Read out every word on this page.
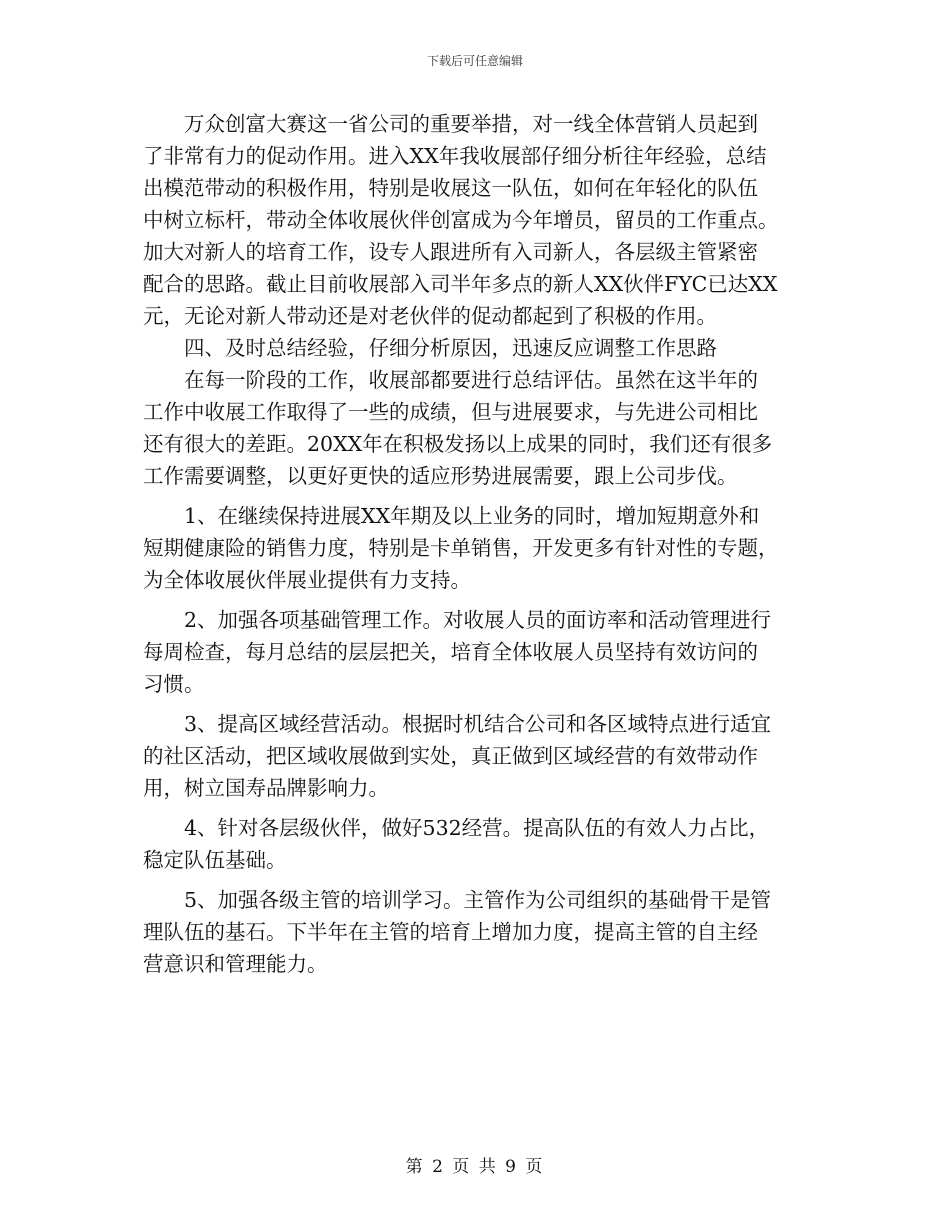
下载后可任意编辑
　　万众创富大赛这一省公司的重要举措，对一线全体营销人员起到
了非常有力的促动作用。进入XX年我收展部仔细分析往年经验，总结
出模范带动的积极作用，特别是收展这一队伍，如何在年轻化的队伍
中树立标杆，带动全体收展伙伴创富成为今年增员，留员的工作重点。
加大对新人的培育工作，设专人跟进所有入司新人，各层级主管紧密
配合的思路。截止目前收展部入司半年多点的新人XX伙伴FYC已达XX
元，无论对新人带动还是对老伙伴的促动都起到了积极的作用。
　　四、及时总结经验，仔细分析原因，迅速反应调整工作思路
　　在每一阶段的工作，收展部都要进行总结评估。虽然在这半年的
工作中收展工作取得了一些的成绩，但与进展要求，与先进公司相比
还有很大的差距。20XX年在积极发扬以上成果的同时，我们还有很多
工作需要调整，以更好更快的适应形势进展需要，跟上公司步伐。
　　1、在继续保持进展XX年期及以上业务的同时，增加短期意外和
短期健康险的销售力度，特别是卡单销售，开发更多有针对性的专题，
为全体收展伙伴展业提供有力支持。
　　2、加强各项基础管理工作。对收展人员的面访率和活动管理进行
每周检查，每月总结的层层把关，培育全体收展人员坚持有效访问的
习惯。
　　3、提高区域经营活动。根据时机结合公司和各区域特点进行适宜
的社区活动，把区域收展做到实处，真正做到区域经营的有效带动作
用，树立国寿品牌影响力。
　　4、针对各层级伙伴，做好532经营。提高队伍的有效人力占比，
稳定队伍基础。
　　5、加强各级主管的培训学习。主管作为公司组织的基础骨干是管
理队伍的基石。下半年在主管的培育上增加力度，提高主管的自主经
营意识和管理能力。
第 2 页 共 9 页
